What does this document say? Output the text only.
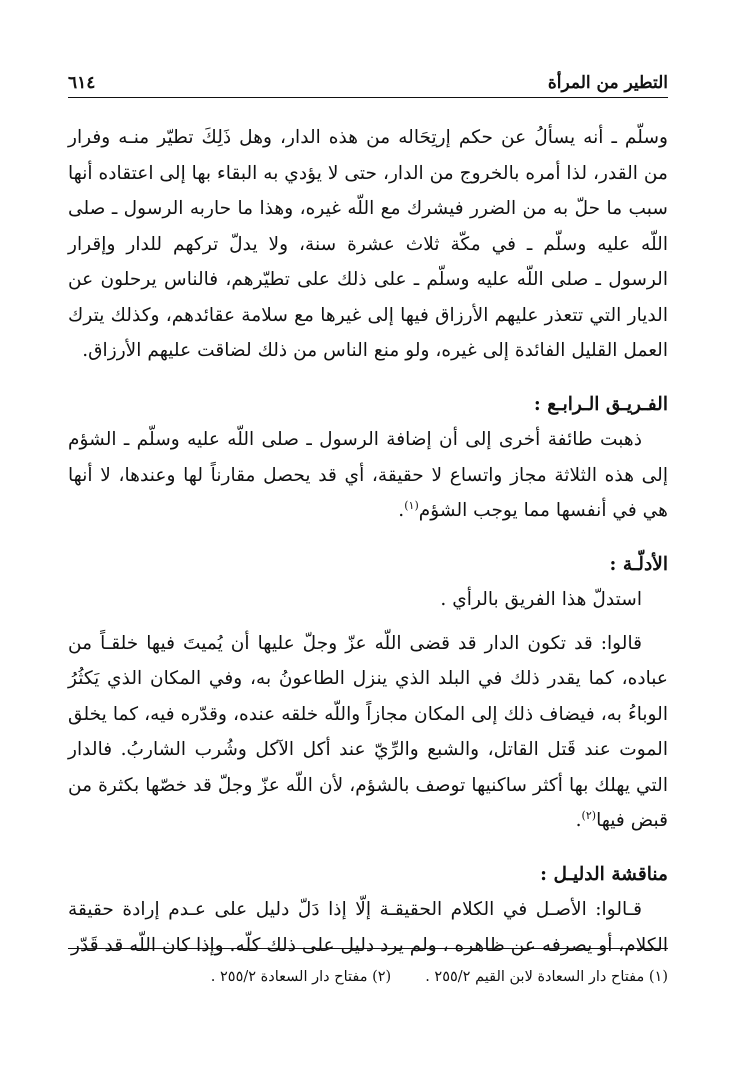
التطير من المرأة
٦١٤

وسلّم ـ أنه يسألُ عن حكم إرتِحَاله من هذه الدار، وهل ذَلِكَ تطيّر منـه وفرار من القدر، لذا أمره بالخروج من الدار، حتى لا يؤدي به البقاء بها إلى اعتقاده أنها سبب ما حلّ به من الضرر فيشرك مع اللّه غيره، وهذا ما حاربه الرسول ـ صلى اللّه عليه وسلّم ـ في مكّة ثلاث عشرة سنة، ولا يدلّ تركهم للدار وإقرار الرسول ـ صلى اللّه عليه وسلّم ـ على ذلك على تطيّرهم، فالناس يرحلون عن الديار التي تتعذر عليهم الأرزاق فيها إلى غيرها مع سلامة عقائدهم، وكذلك يترك العمل القليل الفائدة إلى غيره، ولو منع الناس من ذلك لضاقت عليهم الأرزاق.

الفـريـق الـرابـع :

ذهبت طائفة أخرى إلى أن إضافة الرسول ـ صلى اللّه عليه وسلّم ـ الشؤم إلى هذه الثلاثة مجاز واتساع لا حقيقة، أي قد يحصل مقارناً لها وعندها، لا أنها هي في أنفسها مما يوجب الشؤم$^{(١)}$.

الأدلّـة :

استدلّ هذا الفريق بالرأي .

قالوا: قد تكون الدار قد قضى اللّه عزّ وجلّ عليها أن يُميتَ فيها خلقـاً من عباده، كما يقدر ذلك في البلد الذي ينزل الطاعونُ به، وفي المكان الذي يَكثُرُ الوباءُ به، فيضاف ذلك إلى المكان مجازاً واللّه خلقه عنده، وقدّره فيه، كما يخلق الموت عند قَتل القاتل، والشبع والرِّيّ عند أكل الآكل وشُرب الشاربُ. فالدار التي يهلك بها أكثر ساكنيها توصف بالشؤم، لأن اللّه عزّ وجلّ قد خصّها بكثرة من قبض فيها$^{(٢)}$.

مناقشة الدليـل :

قـالوا: الأصـل في الكلام الحقيقـة إلّا إذا دَلّ دليل على عـدم إرادة حقيقة الكلام، أو يصرفه عن ظاهره ، ولم يرد دليل على ذلك كلّه. وإذا كان اللّه قد قَدّر

(١) مفتاح دار السعادة لابن القيم ٢٥٥/٢ .
(٢) مفتاح دار السعادة ٢٥٥/٢ .
